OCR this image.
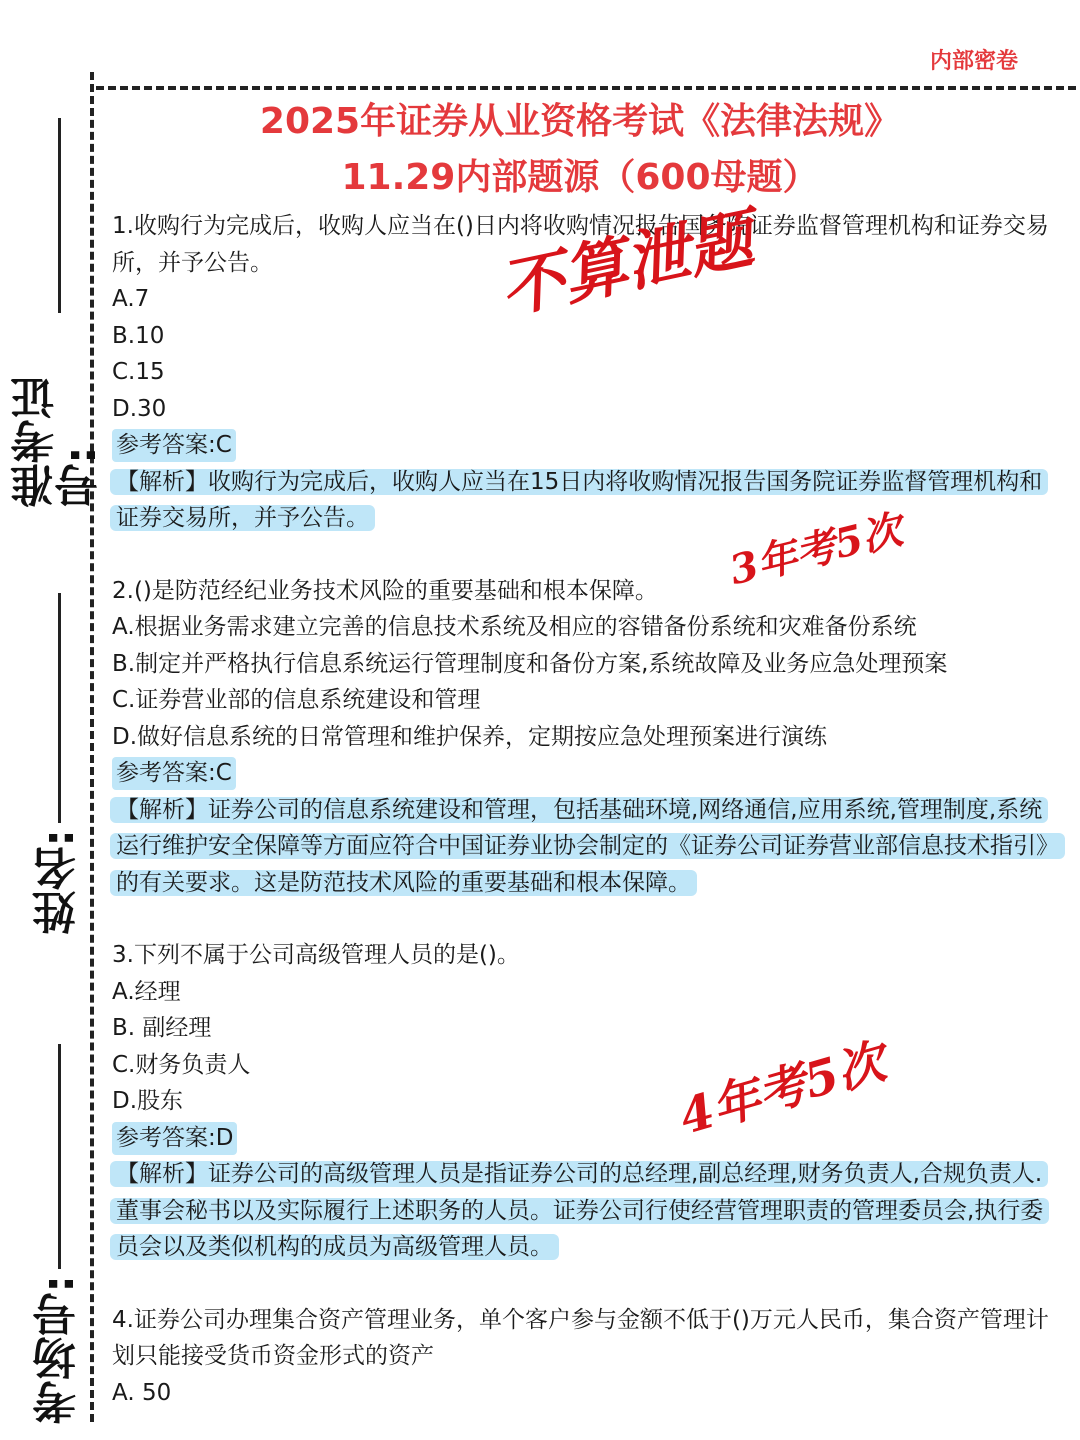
内部密卷
准考证号:
姓名:
考场号:
2025年证券从业资格考试《法律法规》
11.29内部题源（600母题）
1.收购行为完成后，收购人应当在()日内将收购情况报告国务院证券监督管理机构和证券交易所，并予公告。
A.7
B.10
C.15
D.30
参考答案:C
【解析】收购行为完成后，收购人应当在15日内将收购情况报告国务院证券监督管理机构和证券交易所，并予公告。
2.()是防范经纪业务技术风险的重要基础和根本保障。
A.根据业务需求建立完善的信息技术系统及相应的容错备份系统和灾难备份系统
B.制定并严格执行信息系统运行管理制度和备份方案,系统故障及业务应急处理预案
C.证券营业部的信息系统建设和管理
D.做好信息系统的日常管理和维护保养，定期按应急处理预案进行演练
参考答案:C
【解析】证券公司的信息系统建设和管理，包括基础环境,网络通信,应用系统,管理制度,系统运行维护安全保障等方面应符合中国证券业协会制定的《证券公司证券营业部信息技术指引》的有关要求。这是防范技术风险的重要基础和根本保障。
3.下列不属于公司高级管理人员的是()。
A.经理
B. 副经理
C.财务负责人
D.股东
参考答案:D
【解析】证券公司的高级管理人员是指证券公司的总经理,副总经理,财务负责人,合规负责人.董事会秘书以及实际履行上述职务的人员。证券公司行使经营管理职责的管理委员会,执行委员会以及类似机构的成员为高级管理人员。
4.证券公司办理集合资产管理业务，单个客户参与金额不低于()万元人民币，集合资产管理计划只能接受货币资金形式的资产
A. 50
不算泄题
3年考5次
4年考5次
